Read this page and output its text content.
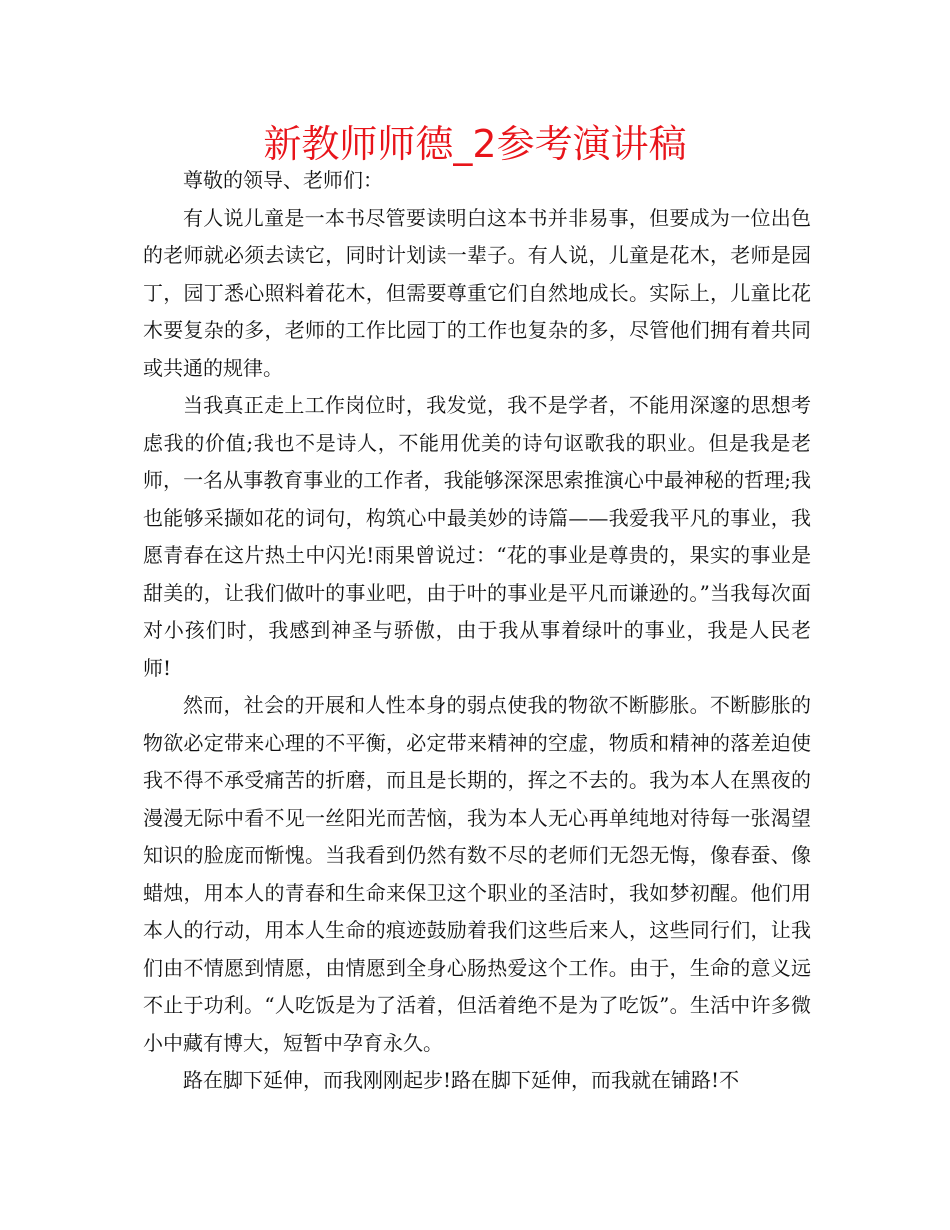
新教师师德_2参考演讲稿

尊敬的领导、老师们：

有人说儿童是一本书尽管要读明白这本书并非易事，但要成为一位出色的老师就必须去读它，同时计划读一辈子。有人说，儿童是花木，老师是园丁，园丁悉心照料着花木，但需要尊重它们自然地成长。实际上，儿童比花木要复杂的多，老师的工作比园丁的工作也复杂的多，尽管他们拥有着共同或共通的规律。

当我真正走上工作岗位时，我发觉，我不是学者，不能用深邃的思想考虑我的价值;我也不是诗人，不能用优美的诗句讴歌我的职业。但是我是老师，一名从事教育事业的工作者，我能够深深思索推演心中最神秘的哲理;我也能够采撷如花的词句，构筑心中最美妙的诗篇——我爱我平凡的事业，我愿青春在这片热土中闪光!雨果曾说过：“花的事业是尊贵的，果实的事业是甜美的，让我们做叶的事业吧，由于叶的事业是平凡而谦逊的。”当我每次面对小孩们时，我感到神圣与骄傲，由于我从事着绿叶的事业，我是人民老师!

然而，社会的开展和人性本身的弱点使我的物欲不断膨胀。不断膨胀的物欲必定带来心理的不平衡，必定带来精神的空虚，物质和精神的落差迫使我不得不承受痛苦的折磨，而且是长期的，挥之不去的。我为本人在黑夜的漫漫无际中看不见一丝阳光而苦恼，我为本人无心再单纯地对待每一张渴望知识的脸庞而惭愧。当我看到仍然有数不尽的老师们无怨无悔，像春蚕、像蜡烛，用本人的青春和生命来保卫这个职业的圣洁时，我如梦初醒。他们用本人的行动，用本人生命的痕迹鼓励着我们这些后来人，这些同行们，让我们由不情愿到情愿，由情愿到全身心肠热爱这个工作。由于，生命的意义远不止于功利。“人吃饭是为了活着，但活着绝不是为了吃饭”。生活中许多微小中藏有博大，短暂中孕育永久。

路在脚下延伸，而我刚刚起步!路在脚下延伸，而我就在铺路!不
